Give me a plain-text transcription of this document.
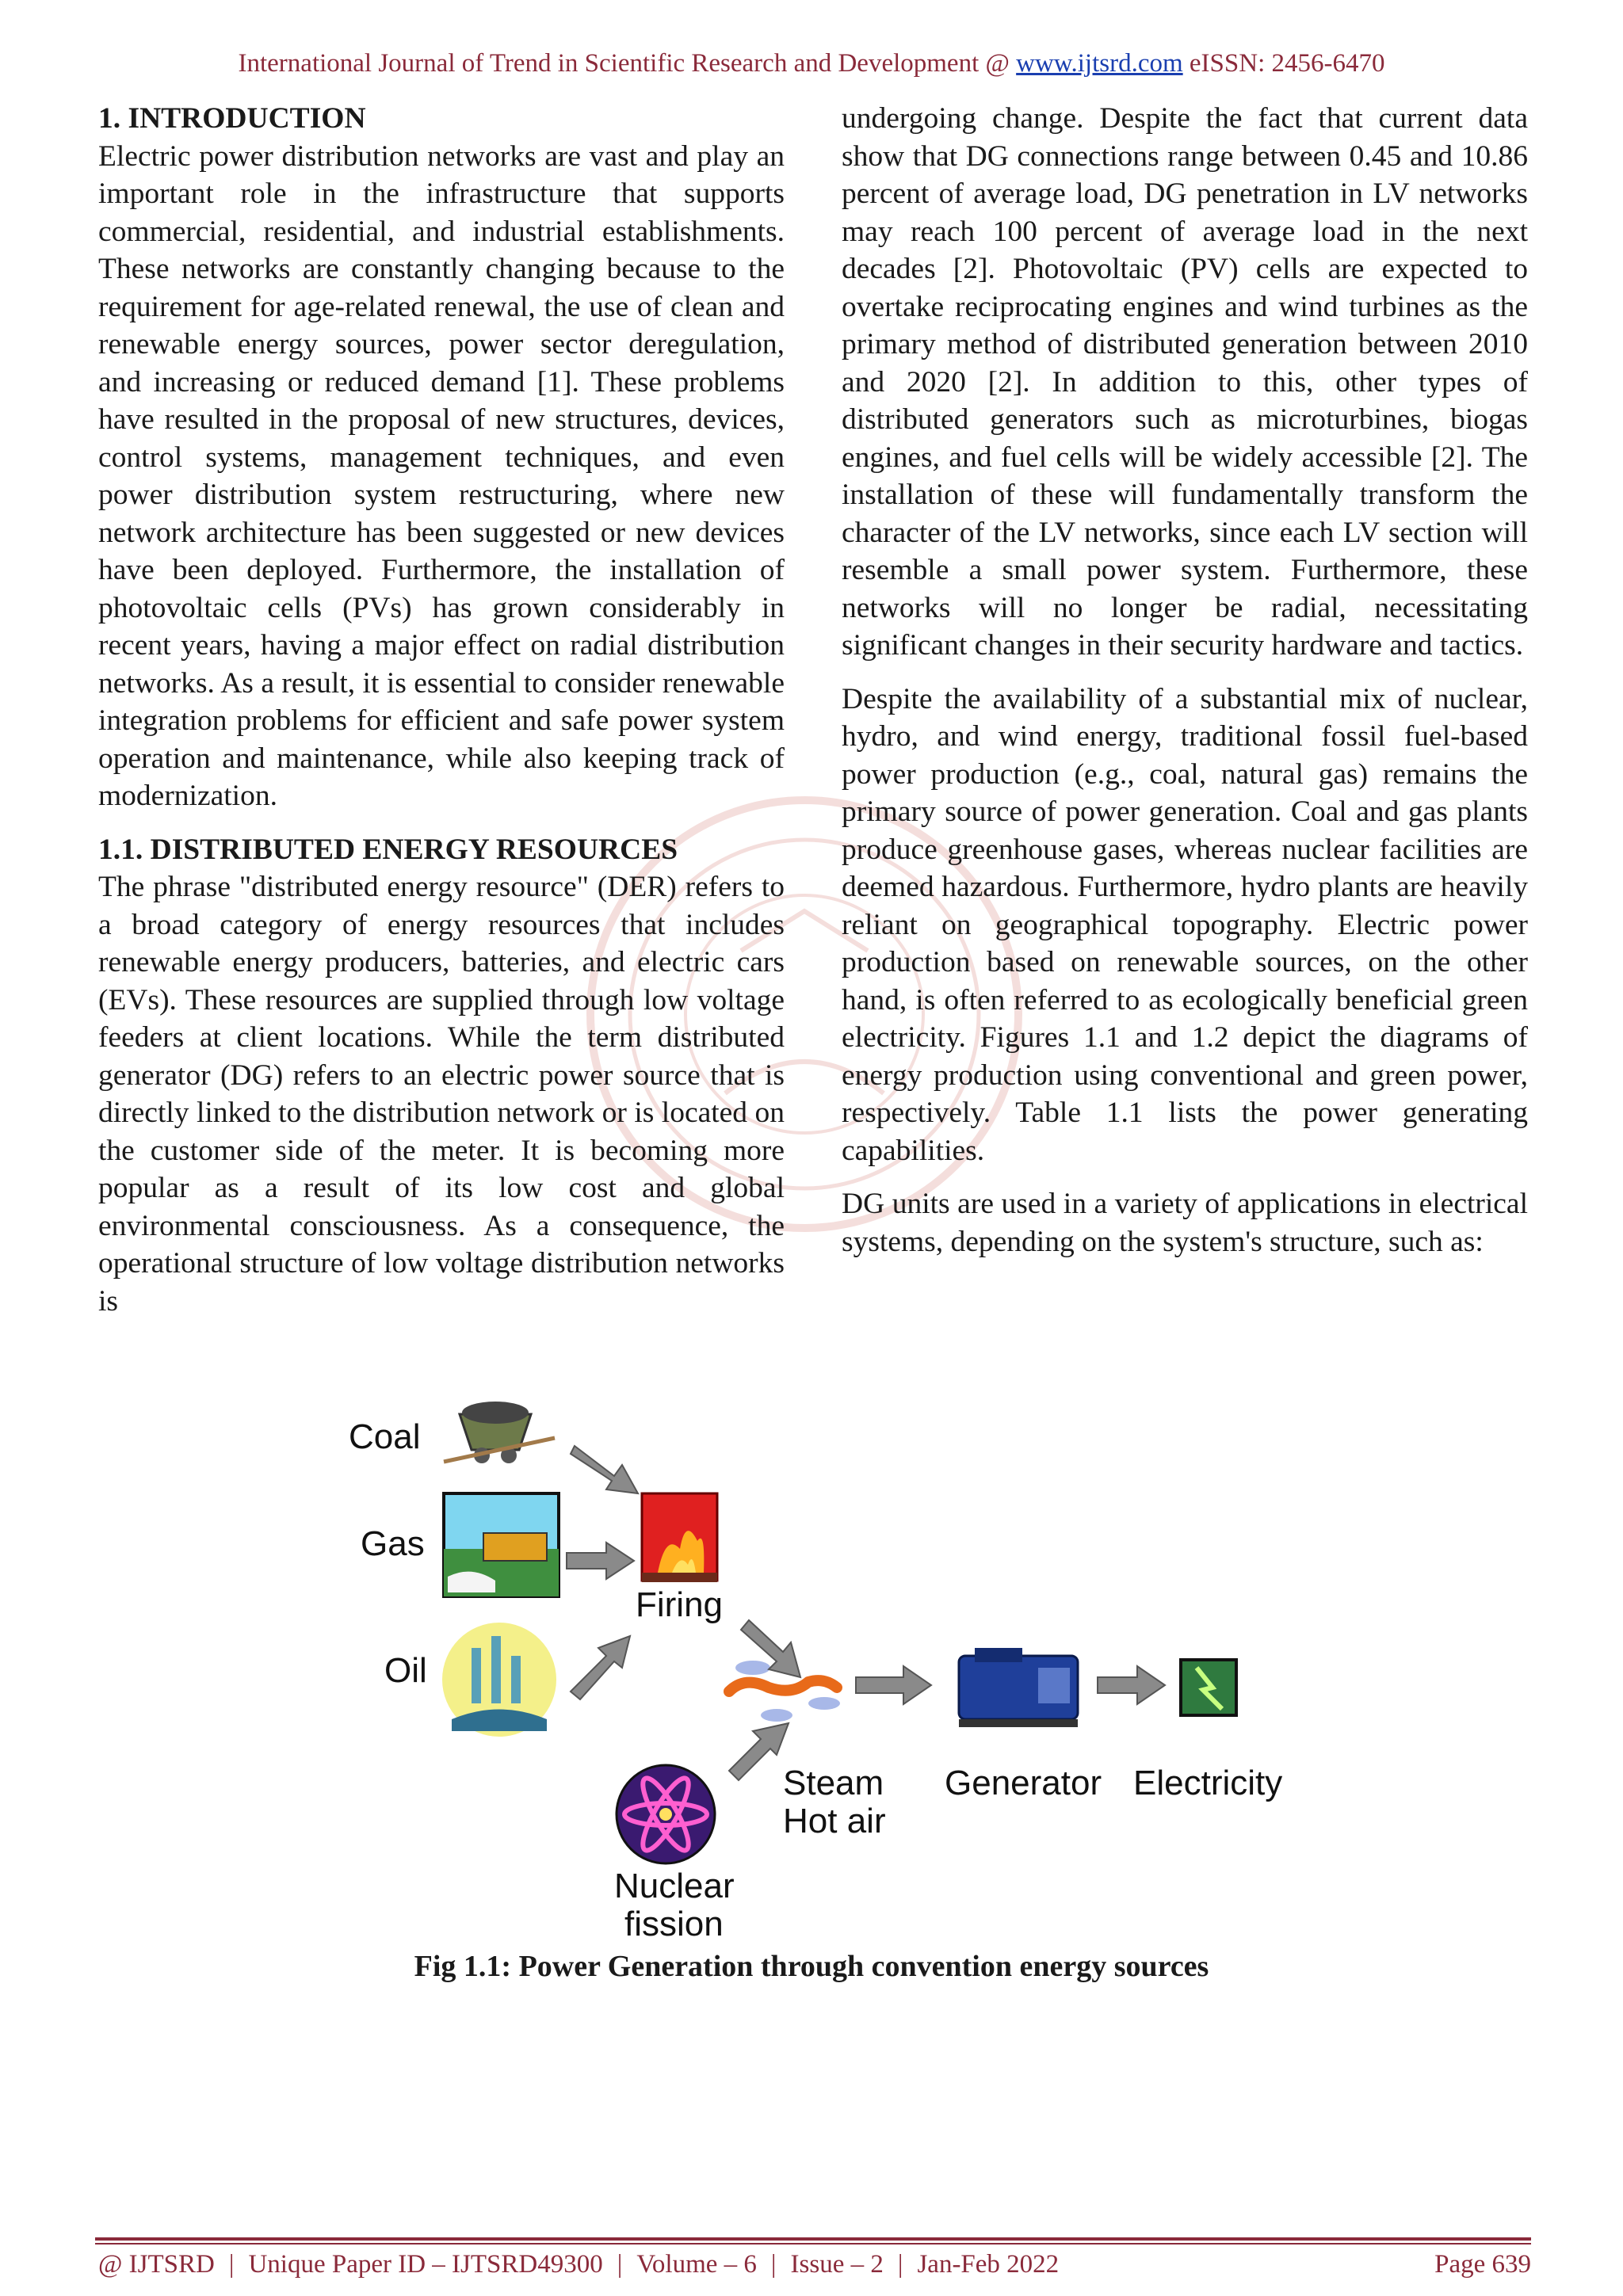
International Journal of Trend in Scientific Research and Development @ www.ijtsrd.com eISSN: 2456-6470
1. INTRODUCTION

Electric power distribution networks are vast and play an important role in the infrastructure that supports commercial, residential, and industrial establishments. These networks are constantly changing because to the requirement for age-related renewal, the use of clean and renewable energy sources, power sector deregulation, and increasing or reduced demand [1]. These problems have resulted in the proposal of new structures, devices, control systems, management techniques, and even power distribution system restructuring, where new network architecture has been suggested or new devices have been deployed. Furthermore, the installation of photovoltaic cells (PVs) has grown considerably in recent years, having a major effect on radial distribution networks. As a result, it is essential to consider renewable integration problems for efficient and safe power system operation and maintenance, while also keeping track of modernization.

1.1. DISTRIBUTED ENERGY RESOURCES

The phrase "distributed energy resource" (DER) refers to a broad category of energy resources that includes renewable energy producers, batteries, and electric cars (EVs). These resources are supplied through low voltage feeders at client locations. While the term distributed generator (DG) refers to an electric power source that is directly linked to the distribution network or is located on the customer side of the meter. It is becoming more popular as a result of its low cost and global environmental consciousness. As a consequence, the operational structure of low voltage distribution networks is

undergoing change. Despite the fact that current data show that DG connections range between 0.45 and 10.86 percent of average load, DG penetration in LV networks may reach 100 percent of average load in the next decades [2]. Photovoltaic (PV) cells are expected to overtake reciprocating engines and wind turbines as the primary method of distributed generation between 2010 and 2020 [2]. In addition to this, other types of distributed generators such as microturbines, biogas engines, and fuel cells will be widely accessible [2]. The installation of these will fundamentally transform the character of the LV networks, since each LV section will resemble a small power system. Furthermore, these networks will no longer be radial, necessitating significant changes in their security hardware and tactics.

Despite the availability of a substantial mix of nuclear, hydro, and wind energy, traditional fossil fuel-based power production (e.g., coal, natural gas) remains the primary source of power generation. Coal and gas plants produce greenhouse gases, whereas nuclear facilities are deemed hazardous. Furthermore, hydro plants are heavily reliant on geographical topography. Electric power production based on renewable sources, on the other hand, is often referred to as ecologically beneficial green electricity. Figures 1.1 and 1.2 depict the diagrams of energy production using conventional and green power, respectively. Table 1.1 lists the power generating capabilities.

DG units are used in a variety of applications in electrical systems, depending on the system's structure, such as:

Coal
Gas
Oil
Firing
Steam
Hot air
Generator Electricity
Nuclear
fission
Fig 1.1: Power Generation through convention energy sources
@ IJTSRD | Unique Paper ID – IJTSRD49300 | Volume – 6 | Issue – 2 | Jan-Feb 2022	Page 639
